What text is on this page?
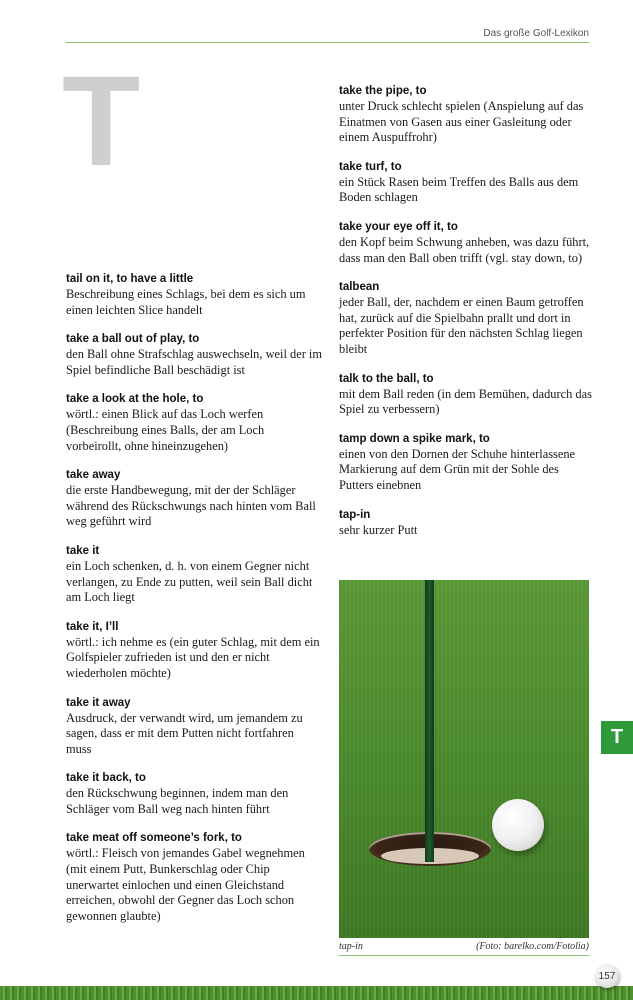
Das große Golf-Lexikon
T
tail on it, to have a little
Beschreibung eines Schlags, bei dem es sich um einen leichten Slice handelt
take a ball out of play, to
den Ball ohne Strafschlag auswechseln, weil der im Spiel befindliche Ball beschädigt ist
take a look at the hole, to
wörtl.: einen Blick auf das Loch werfen (Beschreibung eines Balls, der am Loch vorbeirollt, ohne hineinzugehen)
take away
die erste Handbewegung, mit der der Schläger während des Rückschwungs nach hinten vom Ball weg geführt wird
take it
ein Loch schenken, d. h. von einem Gegner nicht verlangen, zu Ende zu putten, weil sein Ball dicht am Loch liegt
take it, I’ll
wörtl.: ich nehme es (ein guter Schlag, mit dem ein Golfspieler zufrieden ist und den er nicht wiederholen möchte)
take it away
Ausdruck, der verwandt wird, um jemandem zu sagen, dass er mit dem Putten nicht fortfahren muss
take it back, to
den Rückschwung beginnen, indem man den Schläger vom Ball weg nach hinten führt
take meat off someone’s fork, to
wörtl.: Fleisch von jemandes Gabel wegnehmen (mit einem Putt, Bunkerschlag oder Chip unerwartet einlochen und einen Gleichstand erreichen, obwohl der Gegner das Loch schon gewonnen glaubte)
take the pipe, to
unter Druck schlecht spielen (Anspielung auf das Einatmen von Gasen aus einer Gasleitung oder einem Auspuffrohr)
take turf, to
ein Stück Rasen beim Treffen des Balls aus dem Boden schlagen
take your eye off it, to
den Kopf beim Schwung anheben, was dazu führt, dass man den Ball oben trifft (vgl. stay down, to)
talbean
jeder Ball, der, nachdem er einen Baum getroffen hat, zurück auf die Spielbahn prallt und dort in perfekter Position für den nächsten Schlag liegen bleibt
talk to the ball, to
mit dem Ball reden (in dem Bemühen, dadurch das Spiel zu verbessern)
tamp down a spike mark, to
einen von den Dornen der Schuhe hinterlassene Markierung auf dem Grün mit der Sohle des Putters einebnen
tap-in
sehr kurzer Putt
tap-in	(Foto: barelko.com/Fotolia)
T
157
